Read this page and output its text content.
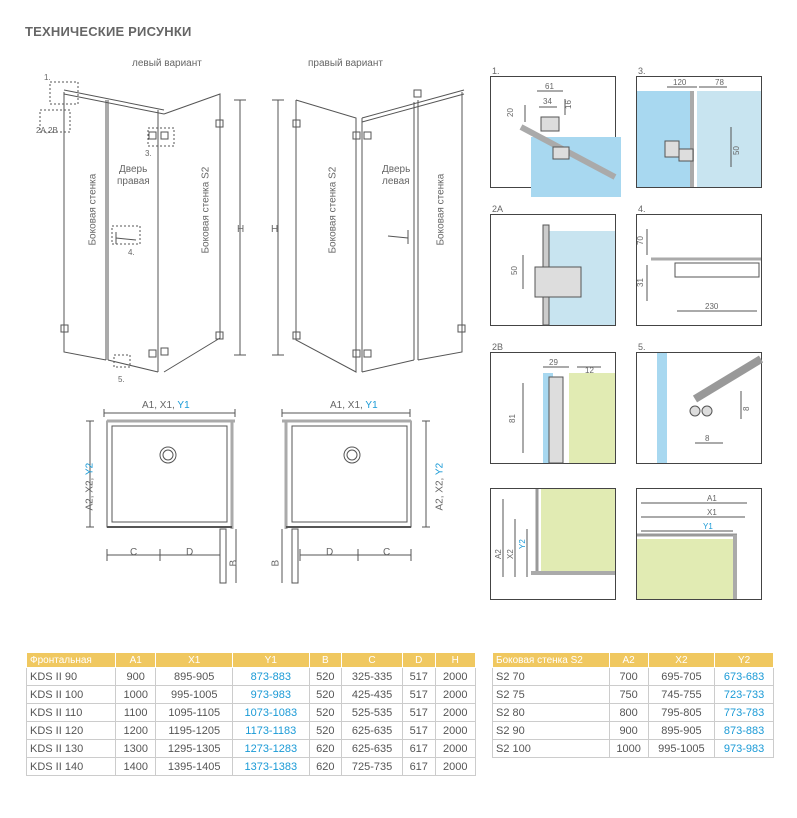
ТЕХНИЧЕСКИЕ РИСУНКИ
левый вариант
1.
2A,2B
3.
4.
5.
Боковая стенка
Дверь
правая	Боковая стенка S2	H
правый вариант
H	Боковая стенка S2	Дверь
левая	Боковая стенка
A1, X1, Y1
A2, X2, Y2
C	D
B
A1, X1, Y1
A2, X2, Y2
D	C
B
1.
20
61
34 16
3.
120	78
50
2A
50
4.
70
31
230
2B
29
12
81
5.
8
8
A2 X2
Y2
A1
X1
Y1
Фронтальная	A1	X1	Y1	B	C	D	H
KDS II 90	900	895-905	873-883	520	325-335	517	2000
KDS II 100	1000	995-1005	973-983	520	425-435	517	2000
KDS II 110	1100	1095-1105	1073-1083	520	525-535	517	2000
KDS II 120	1200	1195-1205	1173-1183	520	625-635	517	2000
KDS II 130	1300	1295-1305	1273-1283	620	625-635	617	2000
KDS II 140	1400	1395-1405	1373-1383	620	725-735	617	2000
Боковая стенка S2	A2	X2	Y2
S2 70	700	695-705	673-683
S2 75	750	745-755	723-733
S2 80	800	795-805	773-783
S2 90	900	895-905	873-883
S2 100	1000	995-1005	973-983
